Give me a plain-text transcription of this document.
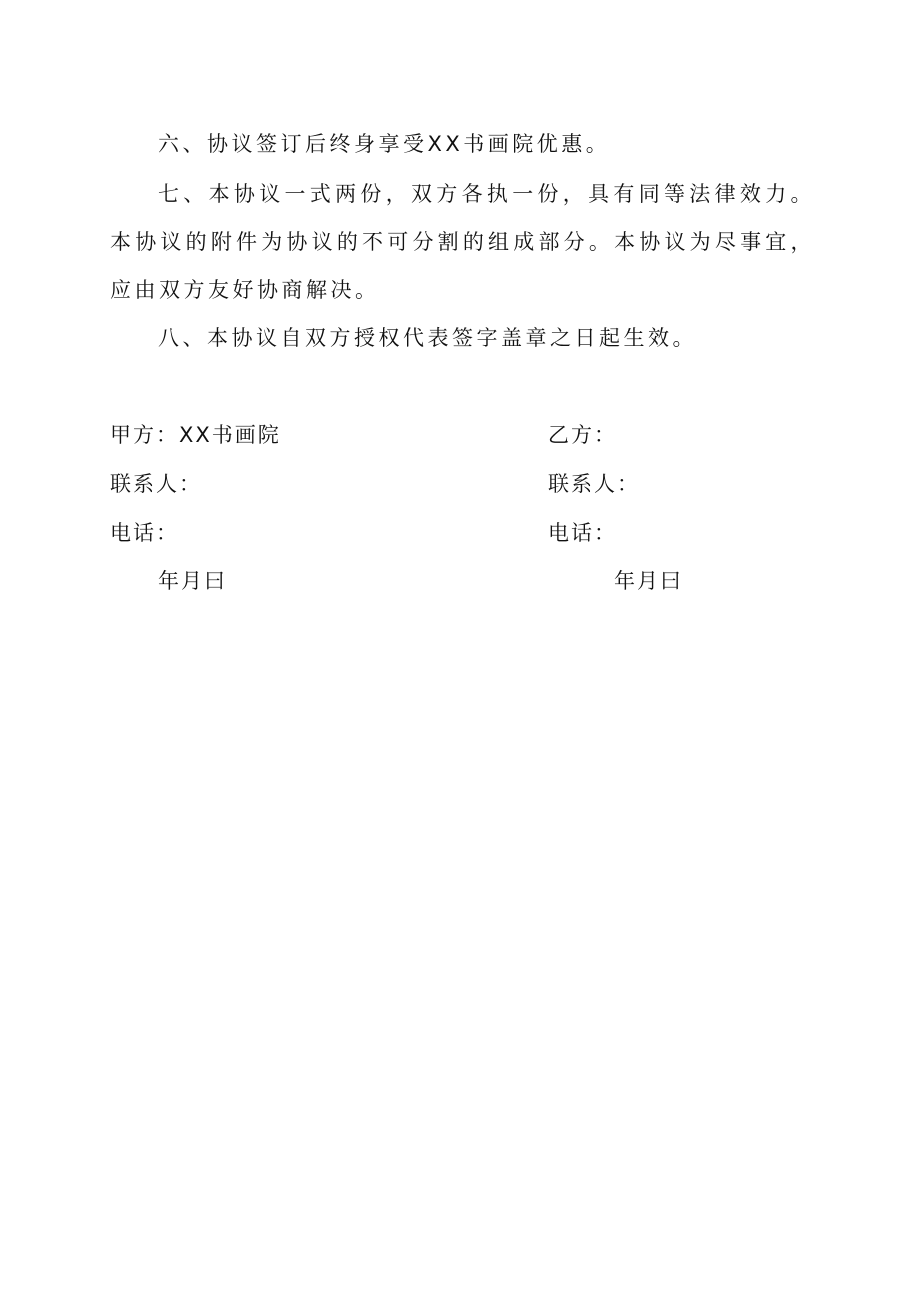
六、协议签订后终身享受XX书画院优惠。

七、本协议一式两份，双方各执一份，具有同等法律效力。本协议的附件为协议的不可分割的组成部分。本协议为尽事宜，应由双方友好协商解决。

八、本协议自双方授权代表签字盖章之日起生效。

甲方：XX书画院
联系人：
电话：
年月曰
乙方：
联系人：
电话：
年月曰
